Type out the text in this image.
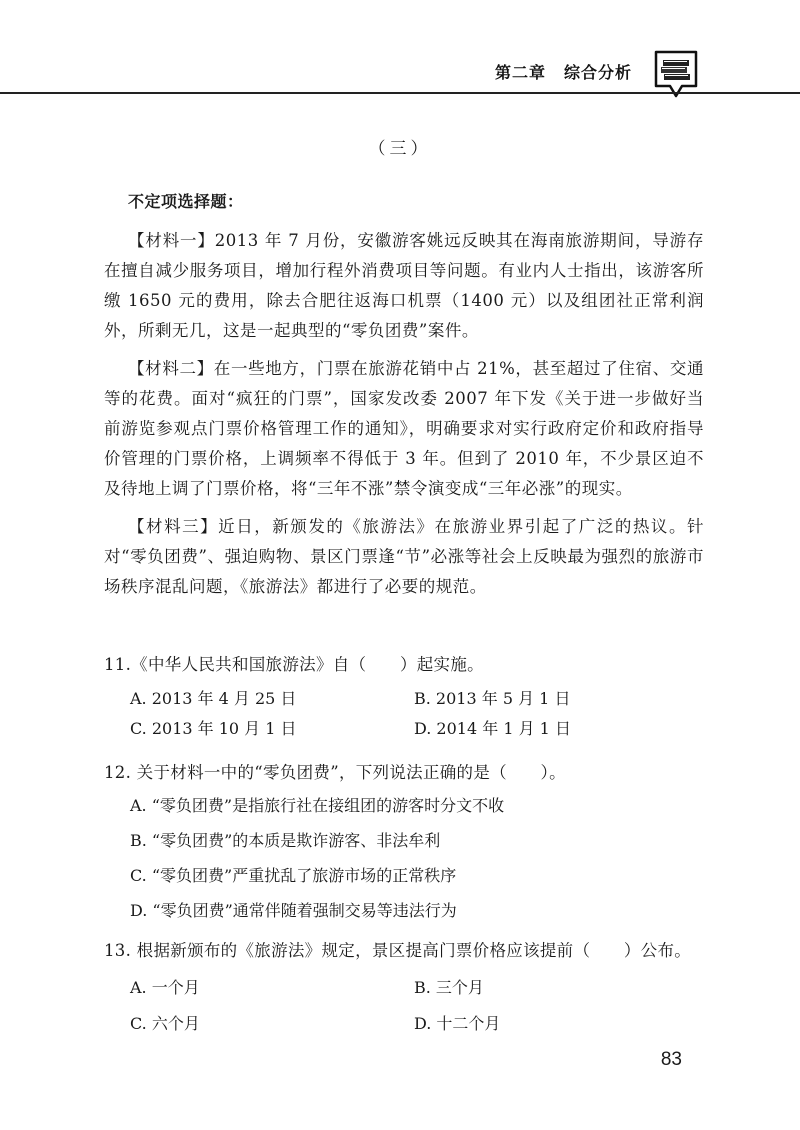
第二章 综合分析
（三）

不定项选择题：

【材料一】2013 年 7 月份，安徽游客姚远反映其在海南旅游期间，导游存在擅自减少服务项目，增加行程外消费项目等问题。有业内人士指出，该游客所缴 1650 元的费用，除去合肥往返海口机票（1400 元）以及组团社正常利润外，所剩无几，这是一起典型的“零负团费”案件。

【材料二】在一些地方，门票在旅游花销中占 21%，甚至超过了住宿、交通等的花费。面对“疯狂的门票”，国家发改委 2007 年下发《关于进一步做好当前游览参观点门票价格管理工作的通知》，明确要求对实行政府定价和政府指导价管理的门票价格，上调频率不得低于 3 年。但到了 2010 年，不少景区迫不及待地上调了门票价格，将“三年不涨”禁令演变成“三年必涨”的现实。

【材料三】近日，新颁发的《旅游法》在旅游业界引起了广泛的热议。针对“零负团费”、强迫购物、景区门票逢“节”必涨等社会上反映最为强烈的旅游市场秩序混乱问题，《旅游法》都进行了必要的规范。

11.《中华人民共和国旅游法》自（　　）起实施。

A. 2013 年 4 月 25 日	B. 2013 年 5 月 1 日

C. 2013 年 10 月 1 日	D. 2014 年 1 月 1 日

12. 关于材料一中的“零负团费”，下列说法正确的是（　　）。

A. “零负团费”是指旅行社在接组团的游客时分文不收

B. “零负团费”的本质是欺诈游客、非法牟利

C. “零负团费”严重扰乱了旅游市场的正常秩序

D. “零负团费”通常伴随着强制交易等违法行为

13. 根据新颁布的《旅游法》规定，景区提高门票价格应该提前（　　）公布。

A. 一个月	B. 三个月

C. 六个月	D. 十二个月

83
